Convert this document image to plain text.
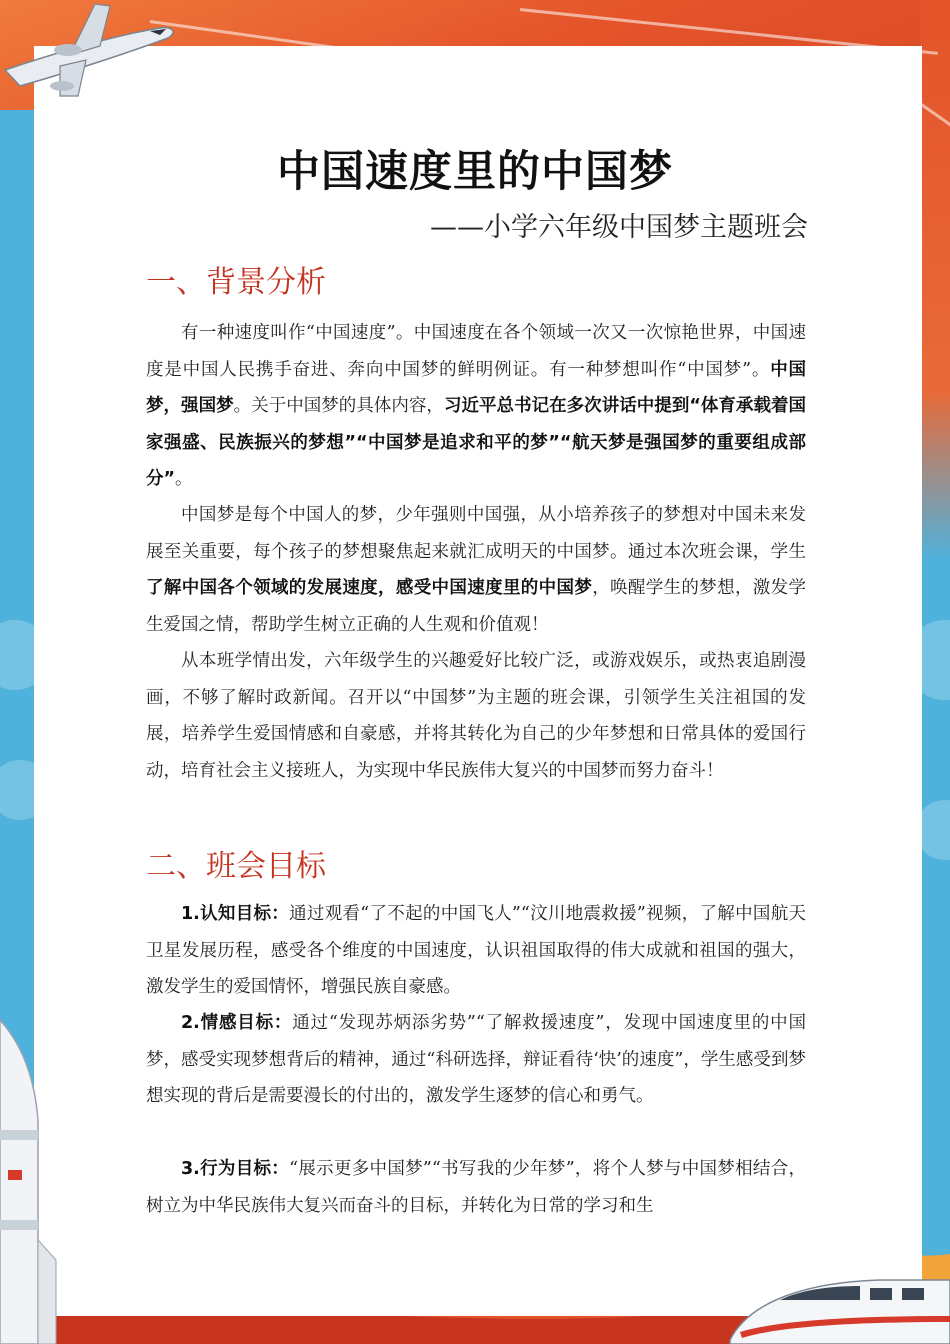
中国速度里的中国梦
——小学六年级中国梦主题班会
一、背景分析
有一种速度叫作“中国速度”。中国速度在各个领域一次又一次惊艳世界，中国速度是中国人民携手奋进、奔向中国梦的鲜明例证。有一种梦想叫作“中国梦”。中国梦，强国梦。关于中国梦的具体内容，习近平总书记在多次讲话中提到“体育承载着国家强盛、民族振兴的梦想”“中国梦是追求和平的梦”“航天梦是强国梦的重要组成部分”。
中国梦是每个中国人的梦，少年强则中国强，从小培养孩子的梦想对中国未来发展至关重要，每个孩子的梦想聚焦起来就汇成明天的中国梦。通过本次班会课，学生了解中国各个领域的发展速度，感受中国速度里的中国梦，唤醒学生的梦想，激发学生爱国之情，帮助学生树立正确的人生观和价值观！
从本班学情出发，六年级学生的兴趣爱好比较广泛，或游戏娱乐，或热衷追剧漫画，不够了解时政新闻。召开以“中国梦”为主题的班会课，引领学生关注祖国的发展，培养学生爱国情感和自豪感，并将其转化为自己的少年梦想和日常具体的爱国行动，培育社会主义接班人，为实现中华民族伟大复兴的中国梦而努力奋斗！
二、班会目标
1.认知目标：通过观看“了不起的中国飞人”“汶川地震救援”视频，了解中国航天卫星发展历程，感受各个维度的中国速度，认识祖国取得的伟大成就和祖国的强大，激发学生的爱国情怀，增强民族自豪感。
2.情感目标：通过“发现苏炳添劣势”“了解救援速度”，发现中国速度里的中国梦，感受实现梦想背后的精神，通过“科研选择，辩证看待‘快’的速度”，学生感受到梦想实现的背后是需要漫长的付出的，激发学生逐梦的信心和勇气。
3.行为目标：“展示更多中国梦”“书写我的少年梦”，将个人梦与中国梦相结合，树立为中华民族伟大复兴而奋斗的目标，并转化为日常的学习和生
